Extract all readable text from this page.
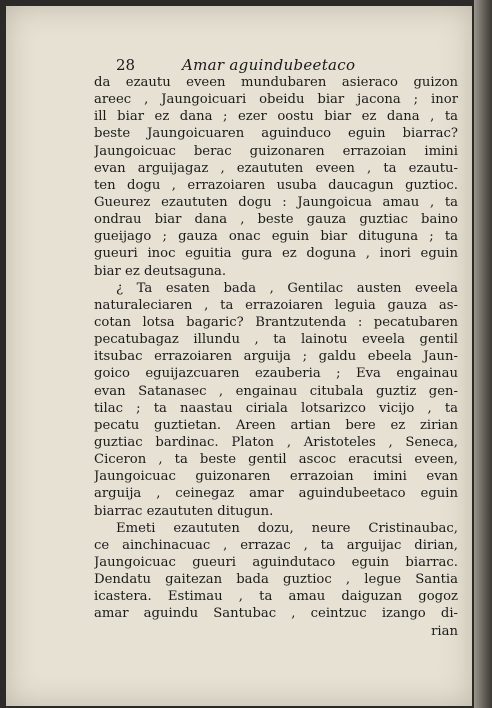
28	Amar aguindubeetaco
da ezautu eveen mundubaren asieraco guizon
areec , Jaungoicuari obeidu biar jacona ; inor
ill biar ez dana ; ezer oostu biar ez dana , ta
beste Jaungoicuaren aguinduco eguin biarrac?
Jaungoicuac berac guizonaren errazoian imini
evan arguijagaz , ezaututen eveen , ta ezautu-
ten dogu , errazoiaren usuba daucagun guztioc.
Gueurez ezaututen dogu : Jaungoicua amau , ta
ondrau biar dana , beste gauza guztiac baino
gueijago ; gauza onac eguin biar dituguna ; ta
gueuri inoc eguitia gura ez doguna , inori eguin
biar ez deutsaguna.
¿ Ta esaten bada , Gentilac austen eveela
naturaleciaren , ta errazoiaren leguia gauza as-
cotan lotsa bagaric? Brantzutenda : pecatubaren
pecatubagaz illundu , ta lainotu eveela gentil
itsubac errazoiaren arguija ; galdu ebeela Jaun-
goico eguijazcuaren ezauberia ; Eva engainau
evan Satanasec , engainau citubala guztiz gen-
tilac ; ta naastau ciriala lotsarizco vicijo , ta
pecatu guztietan. Areen artian bere ez zirian
guztiac bardinac. Platon , Aristoteles , Seneca,
Ciceron , ta beste gentil ascoc eracutsi eveen,
Jaungoicuac guizonaren errazoian imini evan
arguija , ceinegaz amar aguindubeetaco eguin
biarrac ezaututen ditugun.
Emeti ezaututen dozu, neure Cristinaubac,
ce ainchinacuac , errazac , ta arguijac dirian,
Jaungoicuac gueuri aguindutaco eguin biarrac.
Dendatu gaitezan bada guztioc , legue Santia
icastera. Estimau , ta amau daiguzan gogoz
amar aguindu Santubac , ceintzuc izango di-
rian
